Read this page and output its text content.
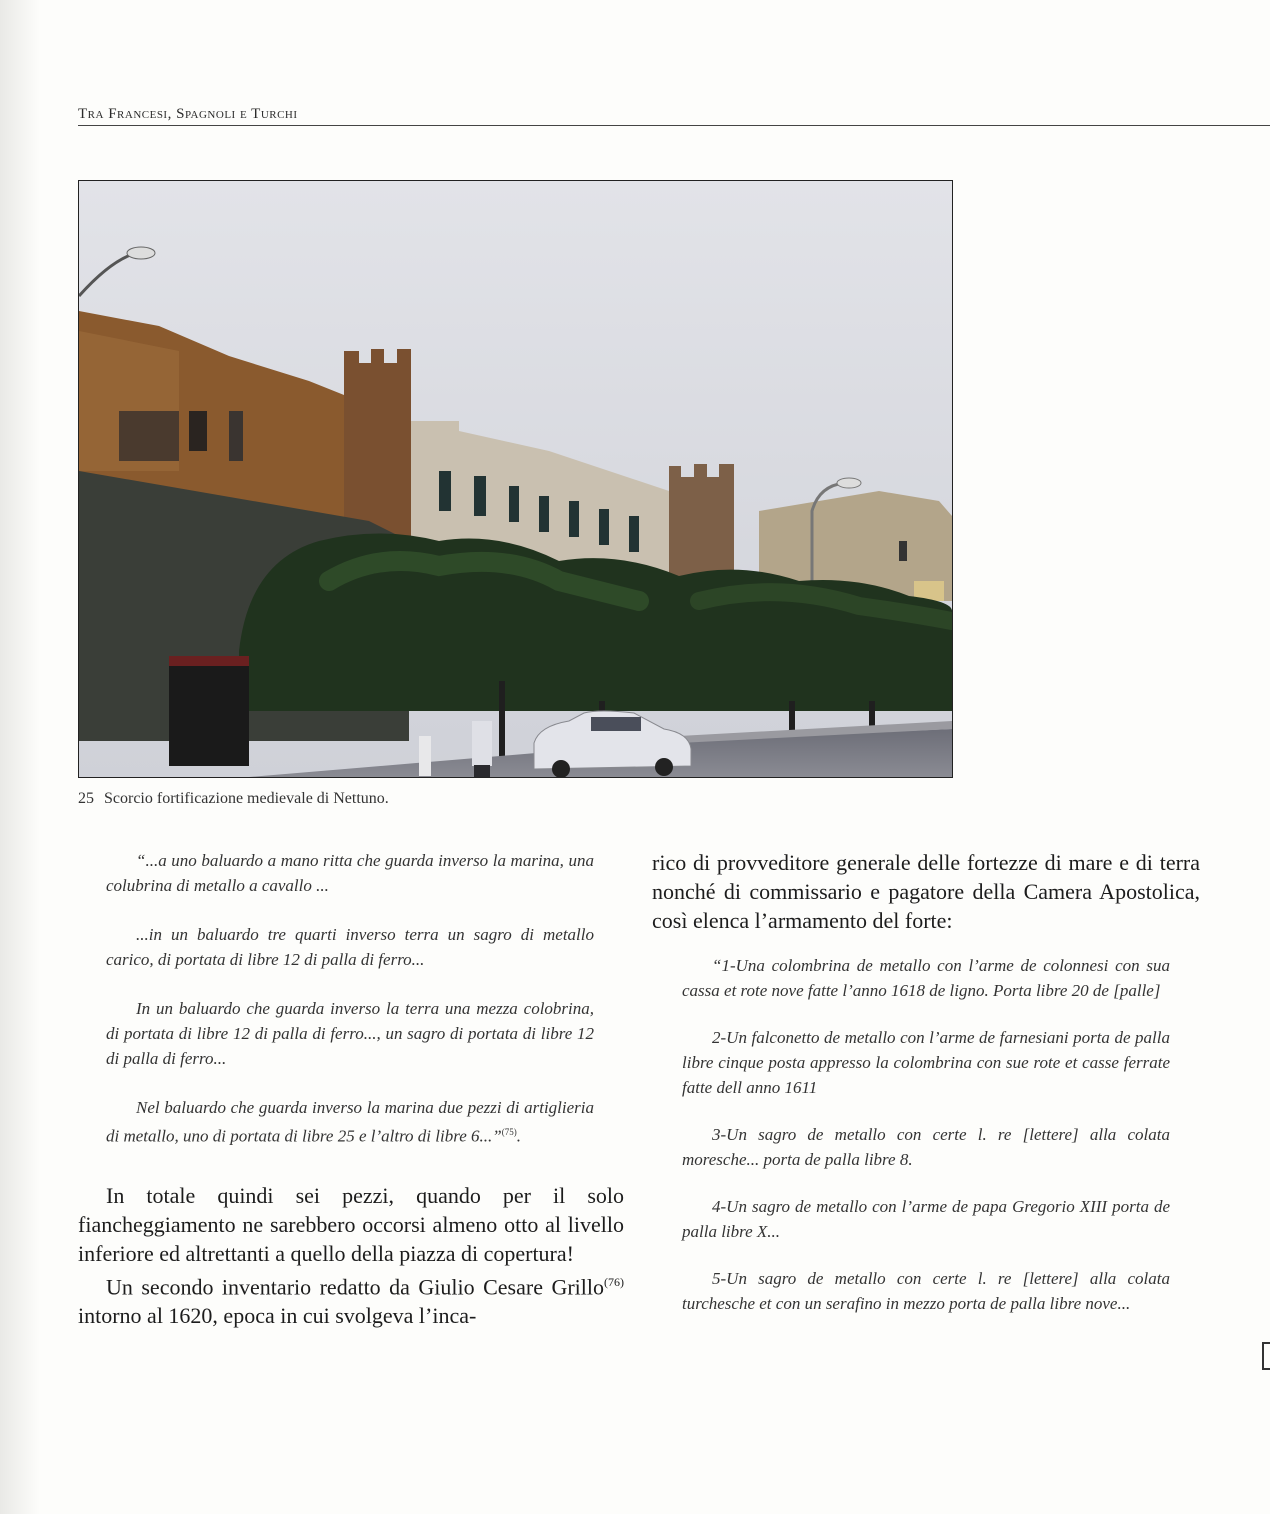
Tra Francesi, Spagnoli e Turchi
25 Scorcio fortificazione medievale di Nettuno.

“...a uno baluardo a mano ritta che guarda inverso la marina, una colubrina di metallo a cavallo ...

...in un baluardo tre quarti inverso terra un sagro di metallo carico, di portata di libre 12 di palla di ferro...

In un baluardo che guarda inverso la terra una mezza colobrina, di portata di libre 12 di palla di ferro..., un sagro di portata di libre 12 di palla di ferro...

Nel baluardo che guarda inverso la marina due pezzi di artiglieria di metallo, uno di portata di libre 25 e l’altro di libre 6...”$^{(75)}$.

In totale quindi sei pezzi, quando per il solo fiancheggiamento ne sarebbero occorsi almeno otto al livello inferiore ed altrettanti a quello della piazza di copertura!

Un secondo inventario redatto da Giulio Cesare Grillo$^{(76)}$ intorno al 1620, epoca in cui svolgeva l’inca-

rico di provveditore generale delle fortezze di mare e di terra nonché di commissario e pagatore della Camera Apostolica, così elenca l’armamento del forte:

“1-Una colombrina de metallo con l’arme de colonnesi con sua cassa et rote nove fatte l’anno 1618 de ligno. Porta libre 20 de [palle]

2-Un falconetto de metallo con l’arme de farnesiani porta de palla libre cinque posta appresso la colombrina con sue rote et casse ferrate fatte dell anno 1611

3-Un sagro de metallo con certe l. re [lettere] alla colata moresche... porta de palla libre 8.

4-Un sagro de metallo con l’arme de papa Gregorio XIII porta de palla libre X...

5-Un sagro de metallo con certe l. re [lettere] alla colata turchesche et con un serafino in mezzo porta de palla libre nove...
